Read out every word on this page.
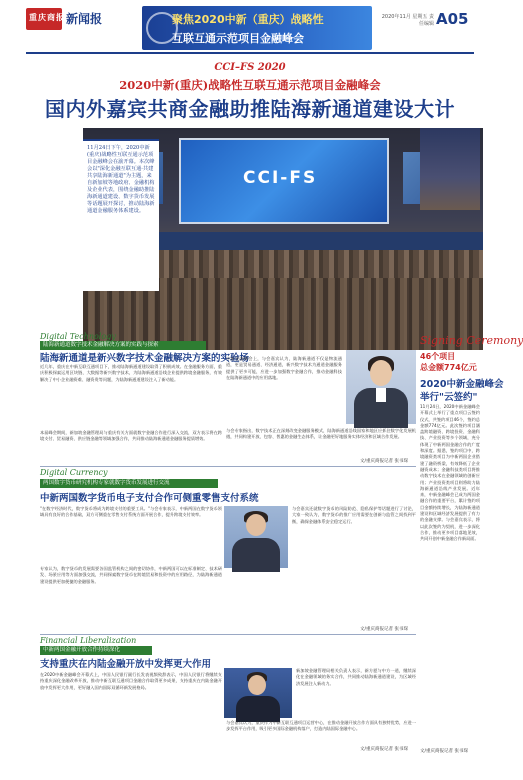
重庆商报 新闻报	聚焦2020中新（重庆）战略性
互联互通示范项目金融峰会
2020年11月 星期五 责任编辑 A05
CCI–FS 2020
2020中新(重庆)战略性互联互通示范项目金融峰会
国内外嘉宾共商金融助推陆海新通道建设大计
CCI-FS
11月24日下午，2020中新(重庆)战略性互联互通示范项目金融峰会在渝开幕。本次峰会以"深化金融互联互通·共建共享陆海新通道"为主题，来自新加坡等地政府、金融机构及企业代表，围绕金融助推陆海新通道建设、数字货币发展等话题展开探讨，推动陆海新通道金融服务体系建设。
Digital Technology
陆海新通道数字技术金融解决方案的实践与探索
陆海新通道是新兴数字技术金融解决方案的实验场
近几年，重庆在中新互联互通项目下，推动陆海新通道建设取得了积极成效。在金融服务方面，重庆积极探索运用区块链、大数据等新兴数字技术，为陆海新通道沿线企业提供跨境金融服务，有效解决了中小企业融资难、融资贵等问题，为陆海新通道建设注入了新动能。
中新金融峰会上，与会嘉宾认为，陆海新通道不仅是物流通道，更是贸易通道、经济通道，新兴数字技术为通道金融服务提供了更多可能，应进一步加强数字金融合作，推动金融科技在陆海新通道中的应用落地。
本届峰会期间，新加坡金融管理局与重庆有关方面就数字金融合作进行深入交流，双方表示将在跨境支付、贸易融资、供应链金融等领域加强合作，共同推动陆海新通道金融服务提质增效。
与会专家指出，数字技术正在深刻改变金融服务模式，陆海新通道沿线国家和地区应抓住数字化发展机遇，共同构建开放、包容、普惠的金融生态体系，让金融更好地服务实体经济和区域合作发展。
文/重庆商报记者 张书琛
Digital Currency
两国数字货币研究机构专家就数字货币发展进行交流
中新两国数字货币电子支付合作可侧重零售支付系统
"在数字经济时代，数字货币将成为跨境支付的重要工具。"与会专家表示，中新两国在数字货币领域具有良好的合作基础，双方可侧重在零售支付系统方面开展合作，提升跨境支付效率。
专家认为，数字货币的发展需要各国监管机构之间的密切协作，中新两国可以在标准制定、技术研发、场景应用等方面加强交流，共同探索数字货币在跨境贸易和投资中的应用路径，为陆海新通道建设提供更加便捷的金融服务。
与会嘉宾还就数字货币的风险防范、隐私保护等话题进行了讨论，大家一致认为，数字货币的推广应用需要在创新与监管之间找到平衡，确保金融体系安全稳定运行。
文/重庆商报记者 张书琛
Financial Liberalization
中新两国金融开放合作持续深化
支持重庆在内陆金融开放中发挥更大作用
在2020中新金融峰会开幕式上，中国人民银行副行长发表视频致辞表示，中国人民银行将继续支持重庆深化金融改革开放，推动中新互联互通项目金融合作取得更多成果，支持重庆在内陆金融开放中发挥更大作用，更好融入国内国际双循环新发展格局。
新加坡金融管理局相关负责人表示，新方愿与中方一道，继续深化在金融领域的务实合作，共同推动陆海新通道建设，为区域经济发展注入新动力。
与会嘉宾认为，重庆作为中新互联互通项目运营中心，在推动金融开放合作方面具有独特优势，应进一步发挥平台作用，吸引更多国际金融机构落户，打造内陆国际金融中心。
文/重庆商报记者 张书琛
Signing Ceremony
46个项目
总金额774亿元
2020中新金融峰会
举行"云签约"
11月24日，2020中新金融峰会开幕式上举行了重点项目云签约仪式，共签约项目46个，签约总金额774亿元。此次签约项目涵盖跨境融资、跨境投资、金融科技、产业投资等多个领域，充分体现了中新两国金融合作的广度和深度。据悉，签约项目中，跨境融资类项目为中新两国企业搭建了融资桥梁，有效降低了企业融资成本；金融科技类项目将推动数字技术在金融领域的创新应用；产业投资类项目则将助力陆海新通道沿线产业发展。近年来，中新金融峰会已成为两国金融合作的重要平台，累计签约项目金额持续增长，为陆海新通道建设和区域经济发展提供了有力的金融支撑。与会嘉宾表示，将以此次签约为契机，进一步深化合作，推动更多项目落地见效，共同开创中新金融合作新局面。
文/重庆商报记者 张书琛
